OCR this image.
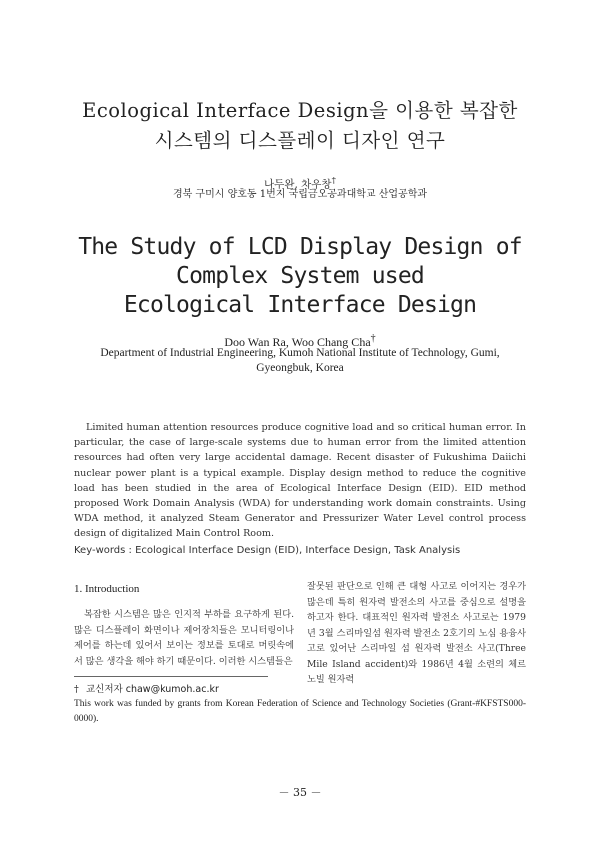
Ecological Interface Design을 이용한 복잡한
시스템의 디스플레이 디자인 연구
나두완, 차우창†
경북 구미시 양호동 1번지 국립금오공과대학교 산업공학과
The Study of LCD Display Design of
Complex System used
Ecological Interface Design
Doo Wan Ra, Woo Chang Cha†
Department of Industrial Engineering, Kumoh National Institute of Technology, Gumi, Gyeongbuk, Korea
Limited human attention resources produce cognitive load and so critical human error. In particular, the case of large-scale systems due to human error from the limited attention resources had often very large accidental damage. Recent disaster of Fukushima Daiichi nuclear power plant is a typical example. Display design method to reduce the cognitive load has been studied in the area of Ecological Interface Design (EID). EID method proposed Work Domain Analysis (WDA) for understanding work domain constraints. Using WDA method, it analyzed Steam Generator and Pressurizer Water Level control process design of digitalized Main Control Room.
Key-words : Ecological Interface Design (EID), Interface Design, Task Analysis
1. Introduction
복잡한 시스템은 많은 인지적 부하를 요구하게 된다. 많은 디스플레이 화면이나 제어장치들은 모니터링이나 제어를 하는데 있어서 보이는 정보를 토대로 머릿속에서 많은 생각을 해야 하기 때문이다. 이러한 시스템들은
잘못된 판단으로 인해 큰 대형 사고로 이어지는 경우가 많은데 특히 원자력 발전소의 사고를 중심으로 설명을 하고자 한다. 대표적인 원자력 발전소 사고로는 1979년 3월 스리마일섬 원자력 발전소 2호기의 노심 용융사고로 있어난 스리마일 섬 원자력 발전소 사고(Three Mile Island accident)와 1986년 4월 소련의 체르노빌 원자력
† 교신저자 chaw@kumoh.ac.kr
This work was funded by grants from Korean Federation of Science and Technology Societies (Grant-#KFSTS000-0000).
－ 35 －
